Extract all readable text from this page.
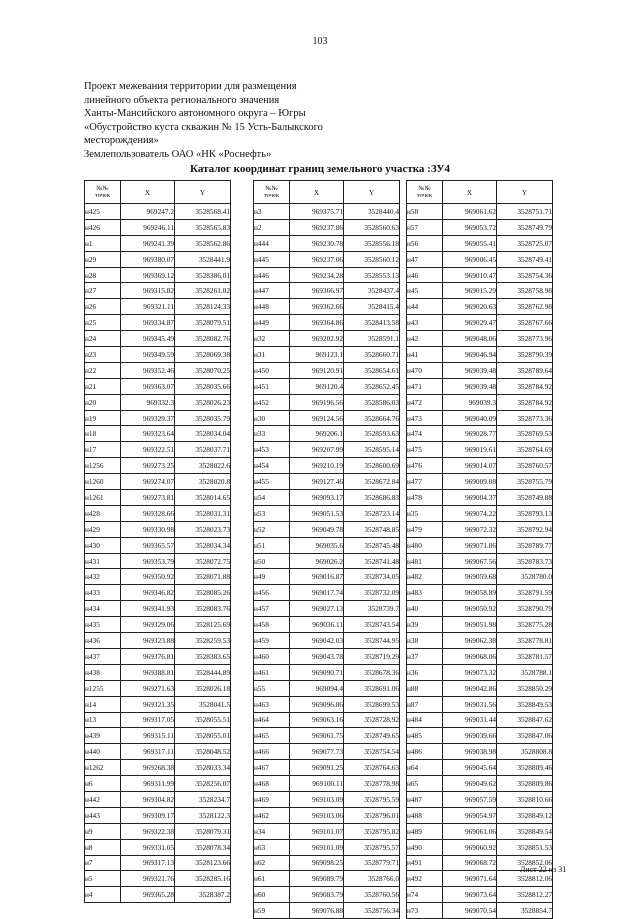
103
Проект межевания территории для размещения
линейного объекта регионального значения
Ханты-Мансийского автономного округа – Югры
«Обустройство куста скважин № 15 Усть-Балыкского
месторождения»
Землепользователь ОАО «НК «Роснефть»
Каталог координат границ земельного участка :ЗУ4
№№
точек	X	Y
н425	969247.2	3528568.41
н426	969246.11	3528565.83
н1	969241.39	3528562.86
н29	969380.07	3528441.9
н28	969369.12	3528386.01
н27	969315.82	3528261.02
н26	969321.11	3528124.33
н25	969334.87	3528079.51
н24	969345.49	3528082.76
н23	969349.59	3528069.38
н22	969352.46	3528070.25
н21	969363.07	3528035.66
н20	969332.3	3528026.23
н19	969329.37	3528035.79
н18	969323.64	3528034.04
н17	969322.51	3528037.71
н1256	969273.25	3528022.6
н1260	969274.07	3528020.8
н1261	969273.81	3528014.65
н428	969328.66	3528031.31
н429	969330.98	3528023.73
н430	969365.57	3528034.34
н431	969353.79	3528072.75
н432	969350.92	3528071.88
н433	969346.82	3528085.26
н434	969341.93	3528083.76
н435	969329.06	3528125.69
н436	969323.88	3528259.53
н437	969376.81	3528383.65
н438	969388.81	3528444.89
н1255	969271.63	3528026.18
н14	969321.35	3528041.5
н13	969317.05	3528055.51
н439	969315.11	3528055.01
н440	969317.11	3528048.52
н1262	969268.38	3528033.34
н6	969311.99	3528256.07
н442	969304.82	3528234.7
н443	969309.17	3528122.3
н9	969322.38	3528079.31
н8	969331.05	3528078.34
н7	969317.13	3528123.66
н5	969321.76	3528285.16
н4	969365.28	3528387.2
№№
точек	X	Y
н3	969375.71	3528440.4
н2	969237.86	3528560.63
н444	969230.78	3528556.18
н445	969237.06	3528560.12
н446	969234.28	3528553.13
н447	969366.97	3528437.4
н448	969362.66	3528415.4
н449	969364.86	3528413.58
н32	969202.92	3528591.1
н31	969123.1	3528660.71
н450	969120.91	3528654.61
н451	969120.4	3528652.45
н452	969196.56	3528586.03
н30	969124.56	3528664.76
н33	969206.1	3528593.63
н453	969207.99	3528595.14
н454	969210.19	3528600.69
н455	969127.46	3528672.84
н54	969093.17	3528686.83
н53	969051.53	3528723.14
н52	969049.78	3528748.85
н51	969035.6	3528745.48
н50	969026.2	3528741.48
н49	969016.87	3528734.05
н456	969017.74	3528732.09
н457	969027.13	3528739.7
н458	969036.11	3528743.54
н459	969042.03	3528744.95
н460	969043.78	3528719.29
н461	969090.71	3528678.36
н55	969094.4	3528691.06
н463	969096.86	3528699.53
н464	969063.16	3528728.92
н465	969061.75	3528749.65
н466	969077.73	3528754.54
н467	969091.25	3528764.63
н468	969100.11	3528778.98
н469	969103.09	3528795.59
н462	969103.06	3528796.01
н34	969101.07	3528795.82
н63	969101.09	3528795.57
н62	969098.25	3528779.71
н61	969089.79	3528766.0
н60	969083.79	3528760.56
н59	969076.88	3528756.34
№№
точек	X	Y
н58	969061.62	3528751.71
н57	969053.72	3528749.79
н56	969055.41	3528725.07
н47	969006.45	3528749.41
н46	969010.47	3528754.36
н45	969015.29	3528758.98
н44	969020.63	3528762.98
н43	969029.47	3528767.66
н42	969048.06	3528773.96
н41	969046.94	3528790.39
н470	969039.48	3528789.64
н471	969039.48	3528784.92
н472	969039.3	3528784.92
н473	969040.09	3528773.36
н474	969028.77	3528769.53
н475	969019.61	3528764.69
н476	969014.07	3528760.57
н477	969009.08	3528755.79
н478	969004.37	3528749.88
н35	969074.22	3528793.13
н479	969072.32	3528792.94
н480	969071.86	3528789.77
н481	969067.56	3528783.73
н482	969059.68	3528780.0
н483	969058.89	3528791.59
н40	969050.92	3528790.79
н39	969051.98	3528775.28
н38	969062.38	3528778.81
н37	969068.06	3528781.57
н36	969073.32	3528788.1
н88	969042.86	3528850.29
н87	969031.56	3528849.53
н484	969031.44	3528847.62
н485	969039.66	3528847.06
н486	969038.98	3528808.8
н64	969045.64	3528809.46
н65	969049.62	3528809.86
н487	969057.59	3528810.66
н488	969054.97	3528849.12
н489	969061.06	3528849.54
н490	969060.92	3528851.53
н491	969068.72	3528852.06
н492	969071.64	3528812.06
н74	969073.64	3528812.27
н73	969070.54	3528854.7
Лист 22 из 31
